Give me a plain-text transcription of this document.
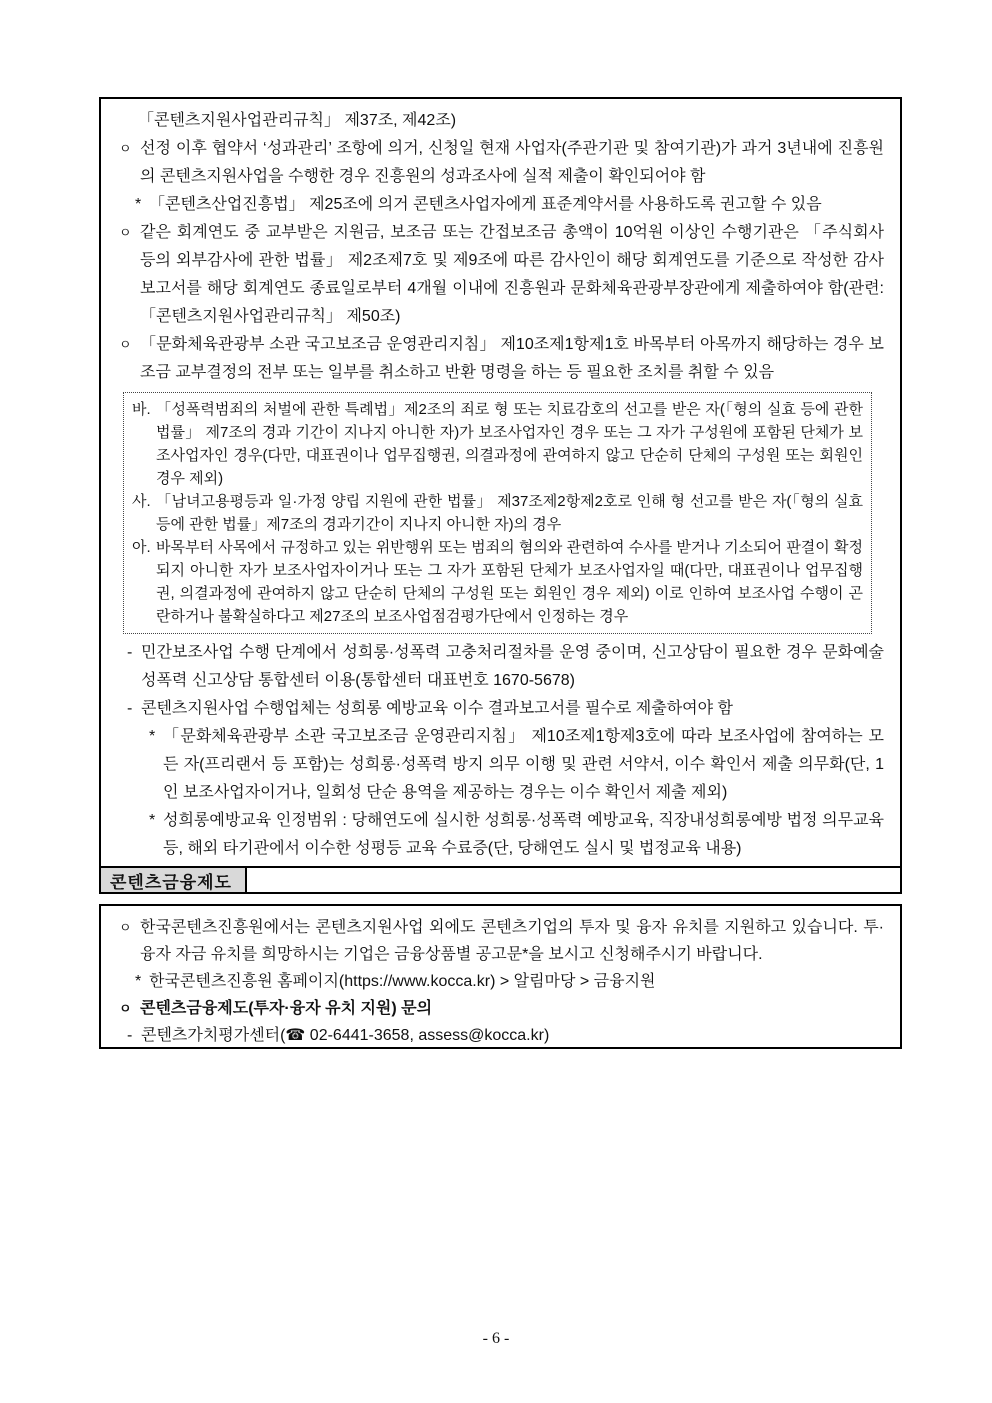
「콘텐츠지원사업관리규칙」 제37조, 제42조)

ㅇ 선정 이후 협약서 ‘성과관리’ 조항에 의거, 신청일 현재 사업자(주관기관 및 참여기관)가 과거 3년내에 진흥원의 콘텐츠지원사업을 수행한 경우 진흥원의 성과조사에 실적 제출이 확인되어야 함

* 「콘텐츠산업진흥법」 제25조에 의거 콘텐츠사업자에게 표준계약서를 사용하도록 권고할 수 있음

ㅇ 같은 회계연도 중 교부받은 지원금, 보조금 또는 간접보조금 총액이 10억원 이상인 수행기관은 「주식회사 등의 외부감사에 관한 법률」 제2조제7호 및 제9조에 따른 감사인이 해당 회계연도를 기준으로 작성한 감사보고서를 해당 회계연도 종료일로부터 4개월 이내에 진흥원과 문화체육관광부장관에게 제출하여야 함(관련: 「콘텐츠지원사업관리규칙」 제50조)

ㅇ 「문화체육관광부 소관 국고보조금 운영관리지침」 제10조제1항제1호 바목부터 아목까지 해당하는 경우 보조금 교부결정의 전부 또는 일부를 취소하고 반환 명령을 하는 등 필요한 조치를 취할 수 있음

바. 「성폭력범죄의 처벌에 관한 특례법」제2조의 죄로 형 또는 치료감호의 선고를 받은 자(「형의 실효 등에 관한 법률」 제7조의 경과 기간이 지나지 아니한 자)가 보조사업자인 경우 또는 그 자가 구성원에 포함된 단체가 보조사업자인 경우(다만, 대표권이나 업무집행권, 의결과정에 관여하지 않고 단순히 단체의 구성원 또는 회원인 경우 제외)

사. 「남녀고용평등과 일·가정 양립 지원에 관한 법률」 제37조제2항제2호로 인해 형 선고를 받은 자(「형의 실효 등에 관한 법률」제7조의 경과기간이 지나지 아니한 자)의 경우

아. 바목부터 사목에서 규정하고 있는 위반행위 또는 범죄의 혐의와 관련하여 수사를 받거나 기소되어 판결이 확정되지 아니한 자가 보조사업자이거나 또는 그 자가 포함된 단체가 보조사업자일 때(다만, 대표권이나 업무집행권, 의결과정에 관여하지 않고 단순히 단체의 구성원 또는 회원인 경우 제외) 이로 인하여 보조사업 수행이 곤란하거나 불확실하다고 제27조의 보조사업점검평가단에서 인정하는 경우

- 민간보조사업 수행 단계에서 성희롱·성폭력 고충처리절차를 운영 중이며, 신고상담이 필요한 경우 문화예술 성폭력 신고상담 통합센터 이용(통합센터 대표번호 1670-5678)

- 콘텐츠지원사업 수행업체는 성희롱 예방교육 이수 결과보고서를 필수로 제출하여야 함

* 「문화체육관광부 소관 국고보조금 운영관리지침」 제10조제1항제3호에 따라 보조사업에 참여하는 모든 자(프리랜서 등 포함)는 성희롱·성폭력 방지 의무 이행 및 관련 서약서, 이수 확인서 제출 의무화(단, 1인 보조사업자이거나, 일회성 단순 용역을 제공하는 경우는 이수 확인서 제출 제외)

* 성희롱예방교육 인정범위 : 당해연도에 실시한 성희롱·성폭력 예방교육, 직장내성희롱예방 법정 의무교육 등, 해외 타기관에서 이수한 성평등 교육 수료증(단, 당해연도 실시 및 법정교육 내용)

콘텐츠금융제도

ㅇ 한국콘텐츠진흥원에서는 콘텐츠지원사업 외에도 콘텐츠기업의 투자 및 융자 유치를 지원하고 있습니다. 투·융자 자금 유치를 희망하시는 기업은 금융상품별 공고문*을 보시고 신청해주시기 바랍니다.

* 한국콘텐츠진흥원 홈페이지(https://www.kocca.kr) > 알림마당 > 금융지원

ㅇ 콘텐츠금융제도(투자·융자 유치 지원) 문의

- 콘텐츠가치평가센터(☎ 02-6441-3658, assess@kocca.kr)

- 6 -
